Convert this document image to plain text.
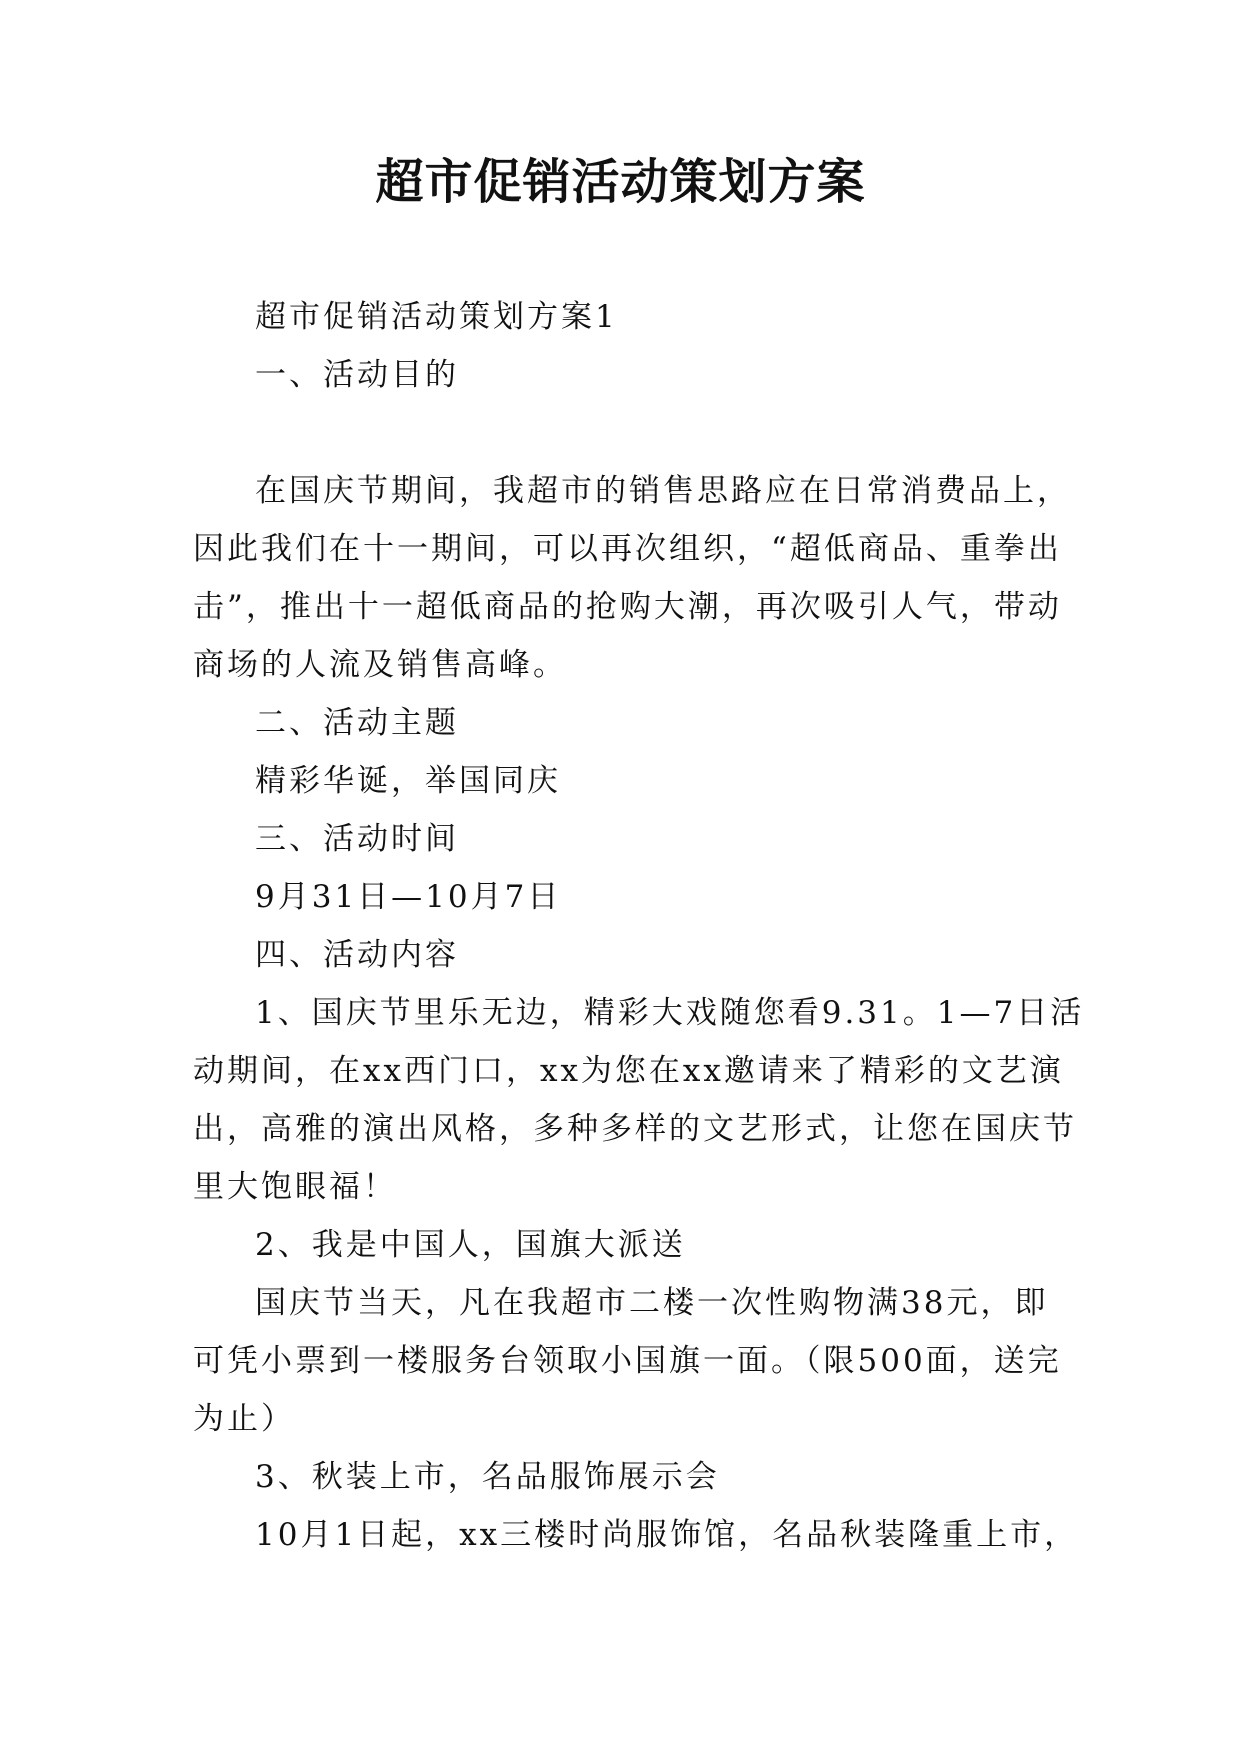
超市促销活动策划方案

超市促销活动策划方案1

一、活动目的

在国庆节期间，我超市的销售思路应在日常消费品上，
因此我们在十一期间，可以再次组织，“超低商品、重拳出
击”，推出十一超低商品的抢购大潮，再次吸引人气，带动
商场的人流及销售高峰。

二、活动主题

精彩华诞，举国同庆

三、活动时间

9月31日—10月7日

四、活动内容

1、国庆节里乐无边，精彩大戏随您看9.31。1—7日活
动期间，在xx西门口，xx为您在xx邀请来了精彩的文艺演
出，高雅的演出风格，多种多样的文艺形式，让您在国庆节
里大饱眼福！

2、我是中国人，国旗大派送

国庆节当天，凡在我超市二楼一次性购物满38元，即
可凭小票到一楼服务台领取小国旗一面。（限500面，送完
为止）

3、秋装上市，名品服饰展示会

10月1日起，xx三楼时尚服饰馆，名品秋装隆重上市，
